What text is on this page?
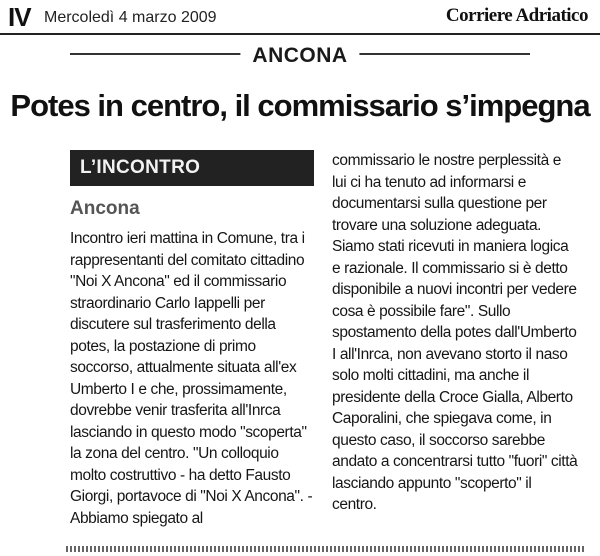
IV Mercoledì 4 marzo 2009	Corriere Adriatico
ANCONA
Potes in centro, il commissario s’impegna
L’INCONTRO
Ancona
Incontro ieri mattina in Comune, tra i rappresentanti del comitato cittadino "Noi X Ancona" ed il commissario straordinario Carlo Iappelli per discutere sul trasferimento della potes, la postazione di primo soccorso, attualmente situata all'ex Umberto I e che, prossimamente, dovrebbe venir trasferita all'Inrca lasciando in questo modo "scoperta" la zona del centro. "Un colloquio molto costruttivo - ha detto Fausto Giorgi, portavoce di "Noi X Ancona". - Abbiamo spiegato al
commissario le nostre perplessità e lui ci ha tenuto ad informarsi e documentarsi sulla questione per trovare una soluzione adeguata. Siamo stati ricevuti in maniera logica e razionale. Il commissario si è detto disponibile a nuovi incontri per vedere cosa è possibile fare". Sullo spostamento della potes dall'Umberto I all'Inrca, non avevano storto il naso solo molti cittadini, ma anche il presidente della Croce Gialla, Alberto Caporalini, che spiegava come, in questo caso, il soccorso sarebbe andato a concentrarsi tutto "fuori" città lasciando appunto "scoperto" il centro.
